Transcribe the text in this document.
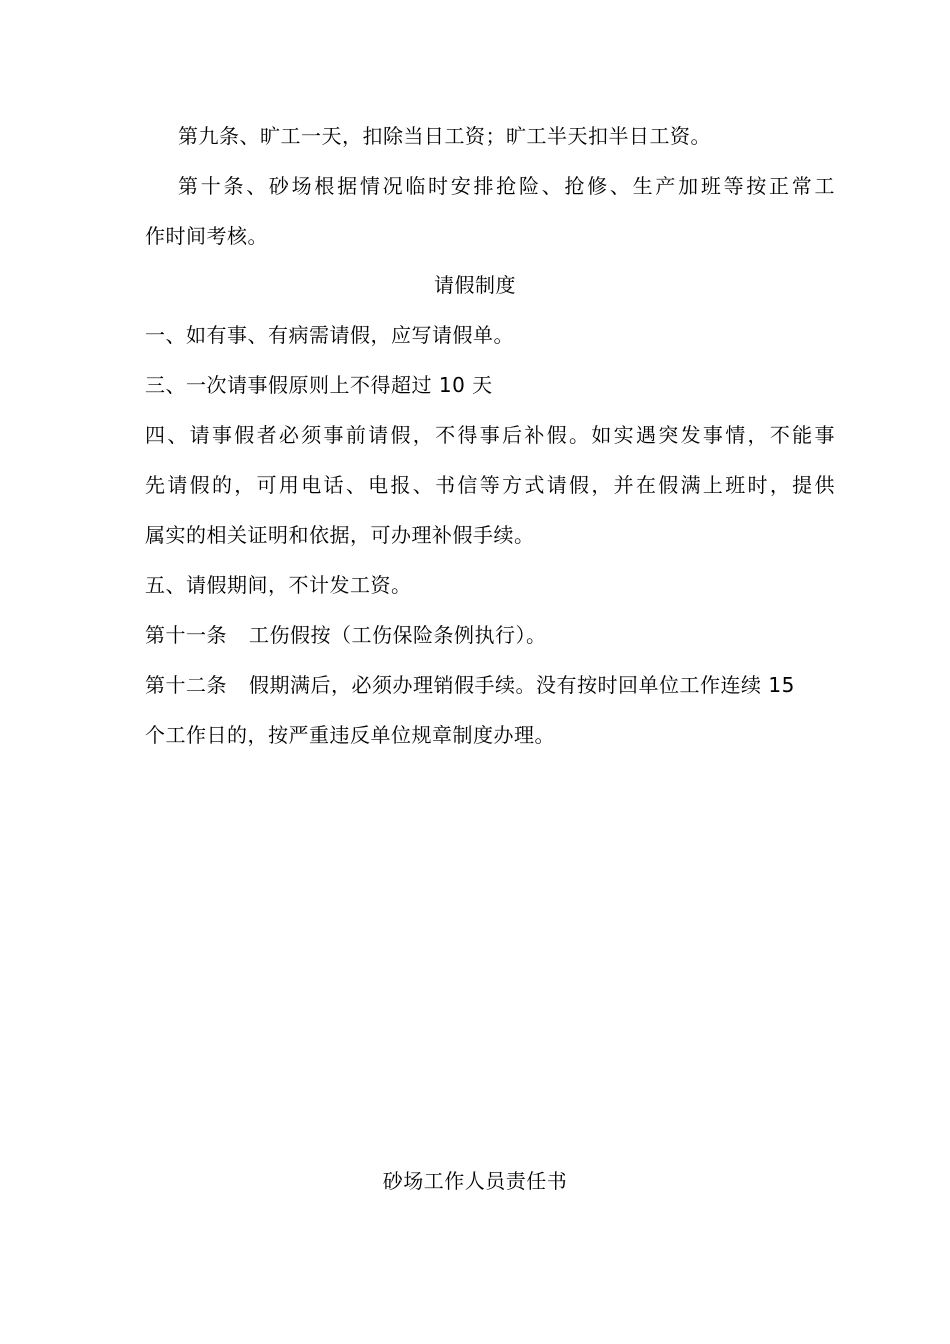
第九条、旷工一天，扣除当日工资；旷工半天扣半日工资。
第十条、砂场根据情况临时安排抢险、抢修、生产加班等按正常工
作时间考核。
请假制度
一、如有事、有病需请假，应写请假单。
三、一次请事假原则上不得超过 10 天
四、请事假者必须事前请假，不得事后补假。如实遇突发事情，不能事
先请假的，可用电话、电报、书信等方式请假，并在假满上班时，提供
属实的相关证明和依据，可办理补假手续。
五、请假期间，不计发工资。
第十一条 工伤假按（工伤保险条例执行）。
第十二条 假期满后，必须办理销假手续。没有按时回单位工作连续 15
个工作日的，按严重违反单位规章制度办理。
砂场工作人员责任书
